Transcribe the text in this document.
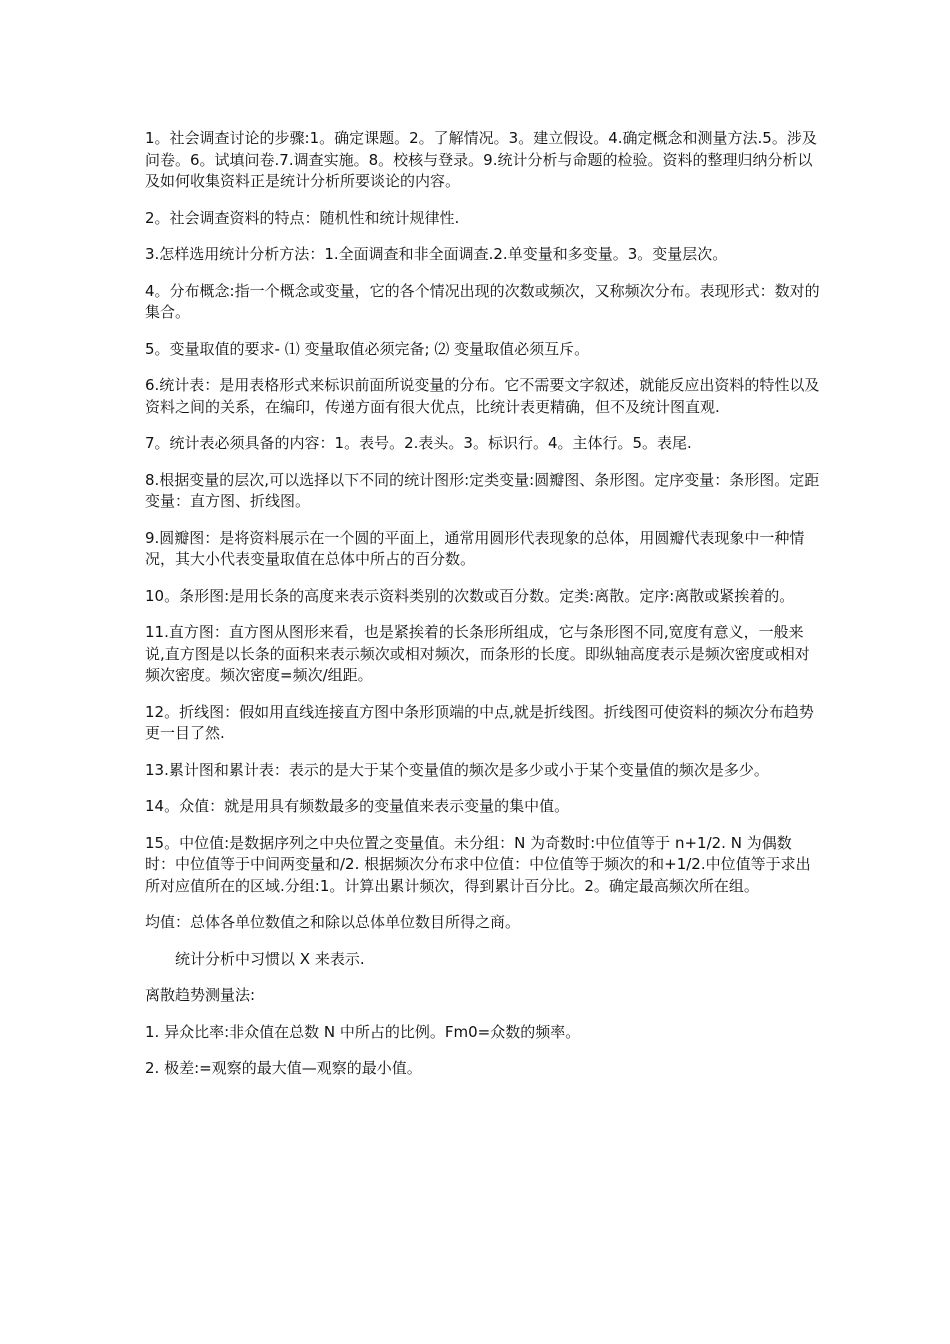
1。社会调查讨论的步骤:1。确定课题。2。了解情况。3。建立假设。4.确定概念和测量方法.5。涉及问卷。6。试填问卷.7.调查实施。8。校核与登录。9.统计分析与命题的检验。资料的整理归纳分析以及如何收集资料正是统计分析所要谈论的内容。

2。社会调查资料的特点：随机性和统计规律性.

3.怎样选用统计分析方法：1.全面调查和非全面调查.2.单变量和多变量。3。变量层次。

4。分布概念:指一个概念或变量，它的各个情况出现的次数或频次，又称频次分布。表现形式：数对的集合。

5。变量取值的要求- ⑴ 变量取值必须完备; ⑵ 变量取值必须互斥。

6.统计表：是用表格形式来标识前面所说变量的分布。它不需要文字叙述，就能反应出资料的特性以及资料之间的关系，在编印，传递方面有很大优点，比统计表更精确，但不及统计图直观.

7。统计表必须具备的内容：1。表号。2.表头。3。标识行。4。主体行。5。表尾.

8.根据变量的层次,可以选择以下不同的统计图形:定类变量:圆瓣图、条形图。定序变量：条形图。定距变量：直方图、折线图。

9.圆瓣图：是将资料展示在一个圆的平面上，通常用圆形代表现象的总体，用圆瓣代表现象中一种情况，其大小代表变量取值在总体中所占的百分数。

10。条形图:是用长条的高度来表示资料类别的次数或百分数。定类:离散。定序:离散或紧挨着的。

11.直方图：直方图从图形来看，也是紧挨着的长条形所组成，它与条形图不同,宽度有意义，一般来说,直方图是以长条的面积来表示频次或相对频次，而条形的长度。即纵轴高度表示是频次密度或相对频次密度。频次密度=频次/组距。

12。折线图：假如用直线连接直方图中条形顶端的中点,就是折线图。折线图可使资料的频次分布趋势更一目了然.

13.累计图和累计表：表示的是大于某个变量值的频次是多少或小于某个变量值的频次是多少。

14。众值：就是用具有频数最多的变量值来表示变量的集中值。

15。中位值:是数据序列之中央位置之变量值。未分组：N 为奇数时:中位值等于 n+1/2. N 为偶数时：中位值等于中间两变量和/2. 根据频次分布求中位值：中位值等于频次的和+1/2.中位值等于求出所对应值所在的区域.分组:1。计算出累计频次，得到累计百分比。2。确定最高频次所在组。

均值：总体各单位数值之和除以总体单位数目所得之商。

统计分析中习惯以 X 来表示.

离散趋势测量法:

1. 异众比率:非众值在总数 N 中所占的比例。Fm0=众数的频率。

2. 极差:=观察的最大值—观察的最小值。
